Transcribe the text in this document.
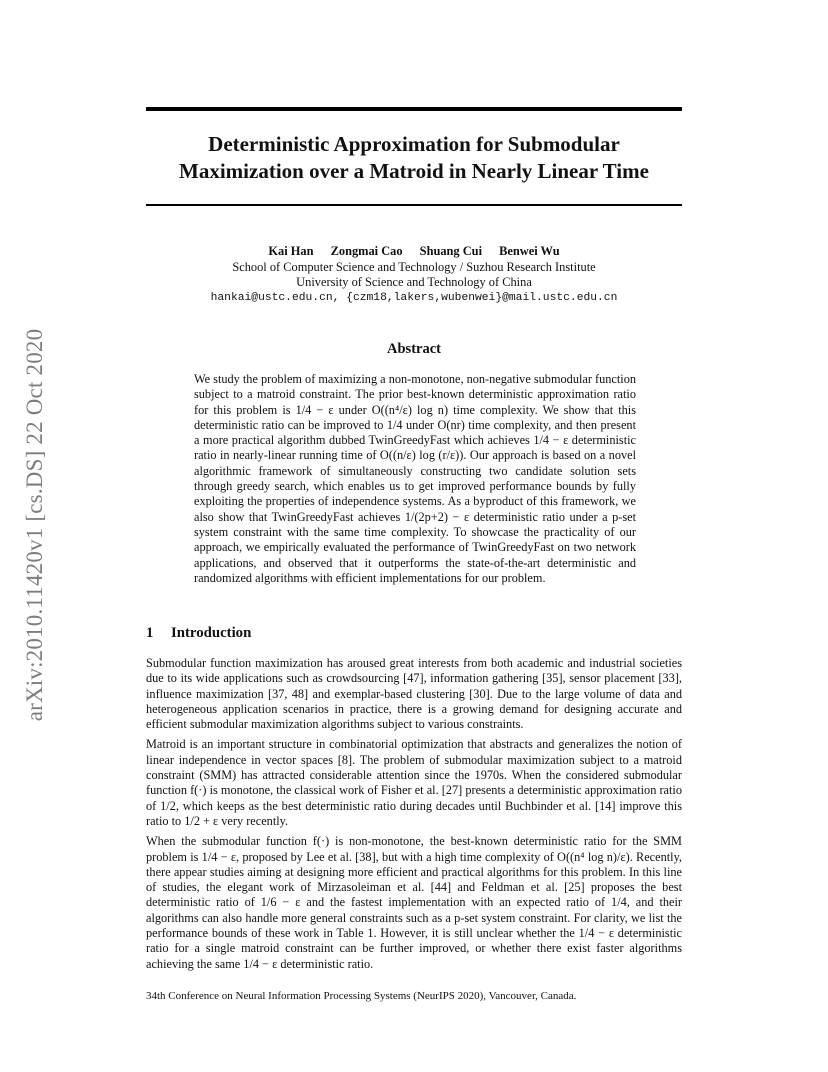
arXiv:2010.11420v1 [cs.DS] 22 Oct 2020
Deterministic Approximation for Submodular
Maximization over a Matroid in Nearly Linear Time
Kai Han Zongmai Cao Shuang Cui Benwei Wu
School of Computer Science and Technology / Suzhou Research Institute
University of Science and Technology of China
hankai@ustc.edu.cn, {czm18,lakers,wubenwei}@mail.ustc.edu.cn
Abstract
We study the problem of maximizing a non-monotone, non-negative submodular function subject to a matroid constraint. The prior best-known deterministic approximation ratio for this problem is 1/4 − ε under O((n⁴/ε) log n) time complexity. We show that this deterministic ratio can be improved to 1/4 under O(nr) time complexity, and then present a more practical algorithm dubbed TwinGreedyFast which achieves 1/4 − ε deterministic ratio in nearly-linear running time of O((n/ε) log (r/ε)). Our approach is based on a novel algorithmic framework of simultaneously constructing two candidate solution sets through greedy search, which enables us to get improved performance bounds by fully exploiting the properties of independence systems. As a byproduct of this framework, we also show that TwinGreedyFast achieves 1/(2p+2) − ε deterministic ratio under a p-set system constraint with the same time complexity. To showcase the practicality of our approach, we empirically evaluated the performance of TwinGreedyFast on two network applications, and observed that it outperforms the state-of-the-art deterministic and randomized algorithms with efficient implementations for our problem.
1 Introduction

Submodular function maximization has aroused great interests from both academic and industrial societies due to its wide applications such as crowdsourcing [47], information gathering [35], sensor placement [33], influence maximization [37, 48] and exemplar-based clustering [30]. Due to the large volume of data and heterogeneous application scenarios in practice, there is a growing demand for designing accurate and efficient submodular maximization algorithms subject to various constraints.

Matroid is an important structure in combinatorial optimization that abstracts and generalizes the notion of linear independence in vector spaces [8]. The problem of submodular maximization subject to a matroid constraint (SMM) has attracted considerable attention since the 1970s. When the considered submodular function f(·) is monotone, the classical work of Fisher et al. [27] presents a deterministic approximation ratio of 1/2, which keeps as the best deterministic ratio during decades until Buchbinder et al. [14] improve this ratio to 1/2 + ε very recently.

When the submodular function f(·) is non-monotone, the best-known deterministic ratio for the SMM problem is 1/4 − ε, proposed by Lee et al. [38], but with a high time complexity of O((n⁴ log n)/ε). Recently, there appear studies aiming at designing more efficient and practical algorithms for this problem. In this line of studies, the elegant work of Mirzasoleiman et al. [44] and Feldman et al. [25] proposes the best deterministic ratio of 1/6 − ε and the fastest implementation with an expected ratio of 1/4, and their algorithms can also handle more general constraints such as a p-set system constraint. For clarity, we list the performance bounds of these work in Table 1. However, it is still unclear whether the 1/4 − ε deterministic ratio for a single matroid constraint can be further improved, or whether there exist faster algorithms achieving the same 1/4 − ε deterministic ratio.

34th Conference on Neural Information Processing Systems (NeurIPS 2020), Vancouver, Canada.
